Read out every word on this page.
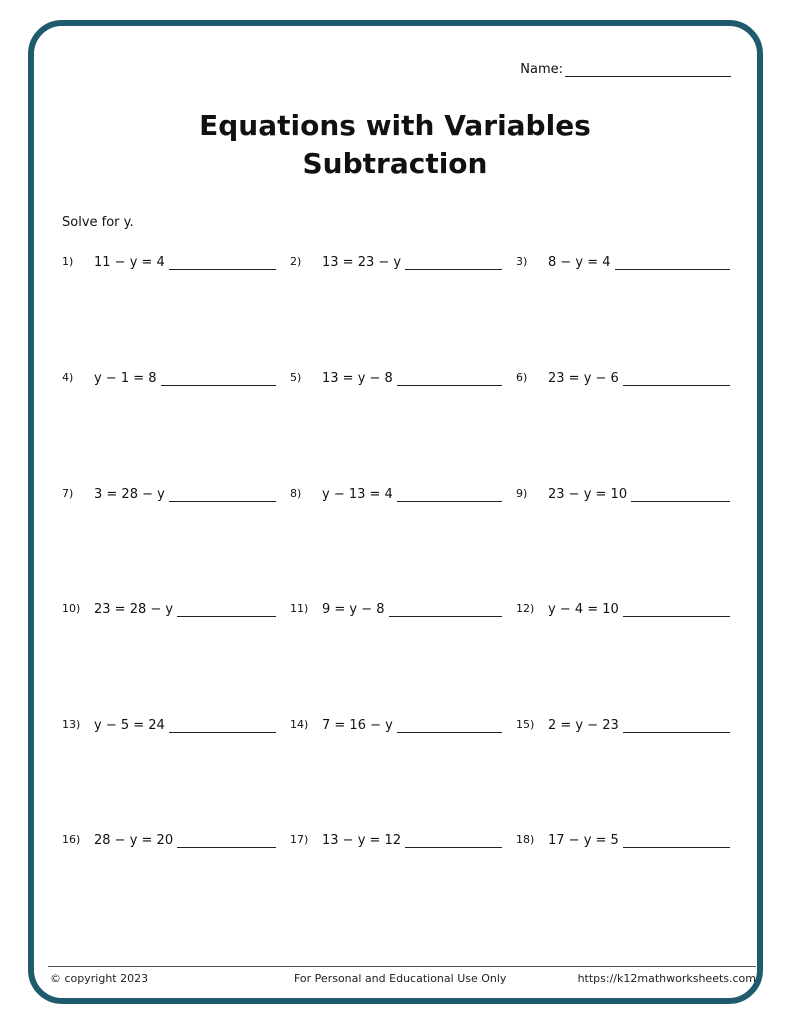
Name:
Equations with Variables
Subtraction
Solve for y.
1) 11 − y = 4	2) 13 = 23 − y	3) 8 − y = 4
4) y − 1 = 8	5) 13 = y − 8	6) 23 = y − 6
7) 3 = 28 − y	8) y − 13 = 4	9) 23 − y = 10
10) 23 = 28 − y	11) 9 = y − 8	12) y − 4 = 10
13) y − 5 = 24	14) 7 = 16 − y	15) 2 = y − 23
16) 28 − y = 20	17) 13 − y = 12	18) 17 − y = 5
© copyright 2023	For Personal and Educational Use Only	https://k12mathworksheets.com
